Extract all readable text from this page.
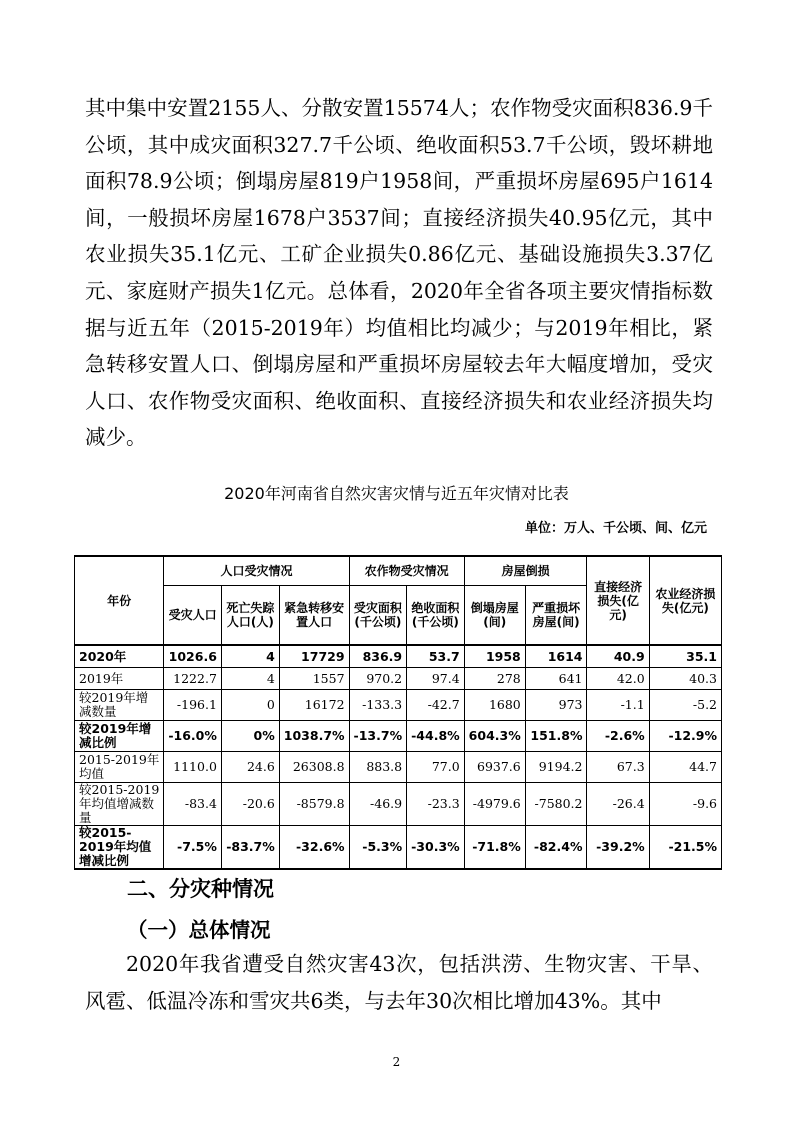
其中集中安置2155人、分散安置15574人；农作物受灾面积836.9千公顷，其中成灾面积327.7千公顷、绝收面积53.7千公顷，毁坏耕地面积78.9公顷；倒塌房屋819户1958间，严重损坏房屋695户1614间，一般损坏房屋1678户3537间；直接经济损失40.95亿元，其中农业损失35.1亿元、工矿企业损失0.86亿元、基础设施损失3.37亿元、家庭财产损失1亿元。总体看，2020年全省各项主要灾情指标数据与近五年（2015-2019年）均值相比均减少；与2019年相比，紧急转移安置人口、倒塌房屋和严重损坏房屋较去年大幅度增加，受灾人口、农作物受灾面积、绝收面积、直接经济损失和农业经济损失均减少。

2020年河南省自然灾害灾情与近五年灾情对比表
单位：万人、千公顷、间、亿元
年份	人口受灾情况			农作物受灾情况		房屋倒损		直接经济损失(亿元)	农业经济损失(亿元)
	受灾人口	死亡失踪人口(人)	紧急转移安置人口	受灾面积(千公顷)	绝收面积(千公顷)	倒塌房屋(间)	严重损坏房屋(间)		
2020年	1026.6	4	17729	836.9	53.7	1958	1614	40.9	35.1
2019年	1222.7	4	1557	970.2	97.4	278	641	42.0	40.3
较2019年增减数量	-196.1	0	16172	-133.3	-42.7	1680	973	-1.1	-5.2
较2019年增减比例	-16.0%	0%	1038.7%	-13.7%	-44.8%	604.3%	151.8%	-2.6%	-12.9%
2015-2019年均值	1110.0	24.6	26308.8	883.8	77.0	6937.6	9194.2	67.3	44.7
较2015-2019年均值增减数量	-83.4	-20.6	-8579.8	-46.9	-23.3	-4979.6	-7580.2	-26.4	-9.6
较2015-2019年均值增减比例	-7.5%	-83.7%	-32.6%	-5.3%	-30.3%	-71.8%	-82.4%	-39.2%	-21.5%
二、分灾种情况
（一）总体情况

2020年我省遭受自然灾害43次，包括洪涝、生物灾害、干旱、风雹、低温冷冻和雪灾共6类，与去年30次相比增加43%。其中

2
